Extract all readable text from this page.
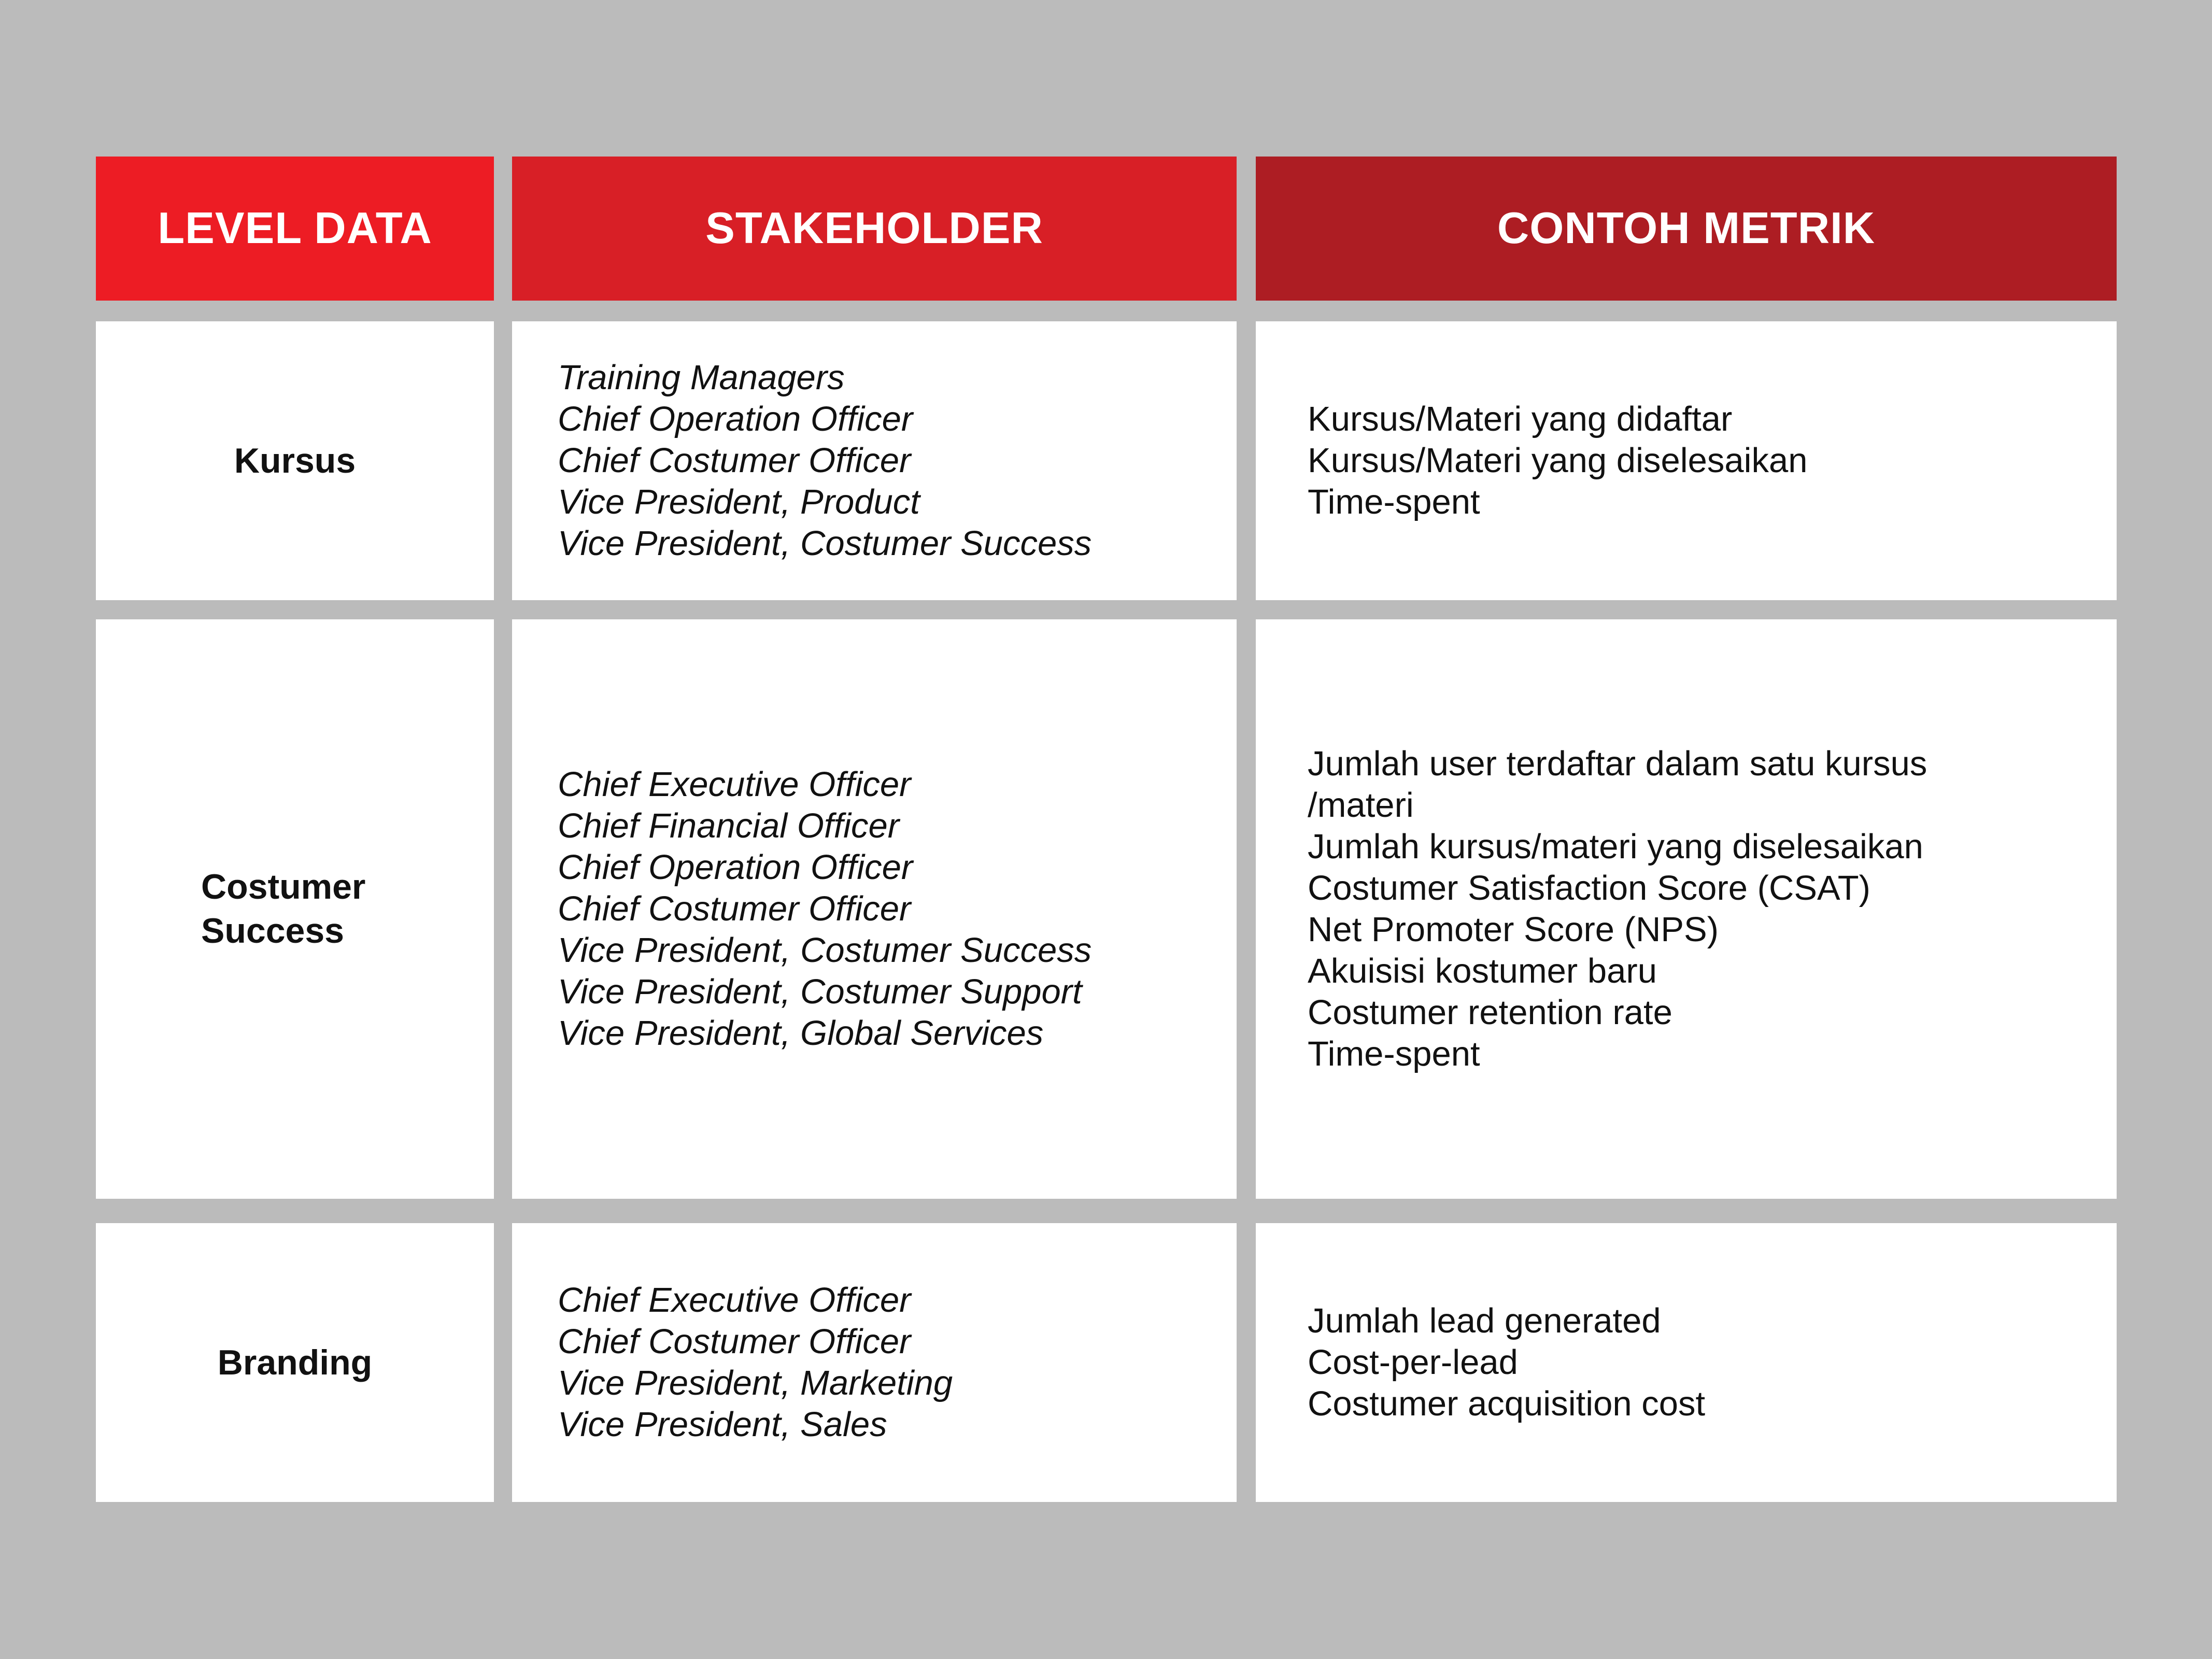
LEVEL DATA	STAKEHOLDER	CONTOH METRIK
Kursus
Training Managers
Chief Operation Officer
Chief Costumer Officer
Vice President, Product
Vice President, Costumer Success
Kursus/Materi yang didaftar
Kursus/Materi yang diselesaikan
Time-spent
Costumer
Success
Chief Executive Officer
Chief Financial Officer
Chief Operation Officer
Chief Costumer Officer
Vice President, Costumer Success
Vice President, Costumer Support
Vice President, Global Services
Jumlah user terdaftar dalam satu kursus
/materi
Jumlah kursus/materi yang diselesaikan
Costumer Satisfaction Score (CSAT)
Net Promoter Score (NPS)
Akuisisi kostumer baru
Costumer retention rate
Time-spent
Branding
Chief Executive Officer
Chief Costumer Officer
Vice President, Marketing
Vice President, Sales
Jumlah lead generated
Cost-per-lead
Costumer acquisition cost
